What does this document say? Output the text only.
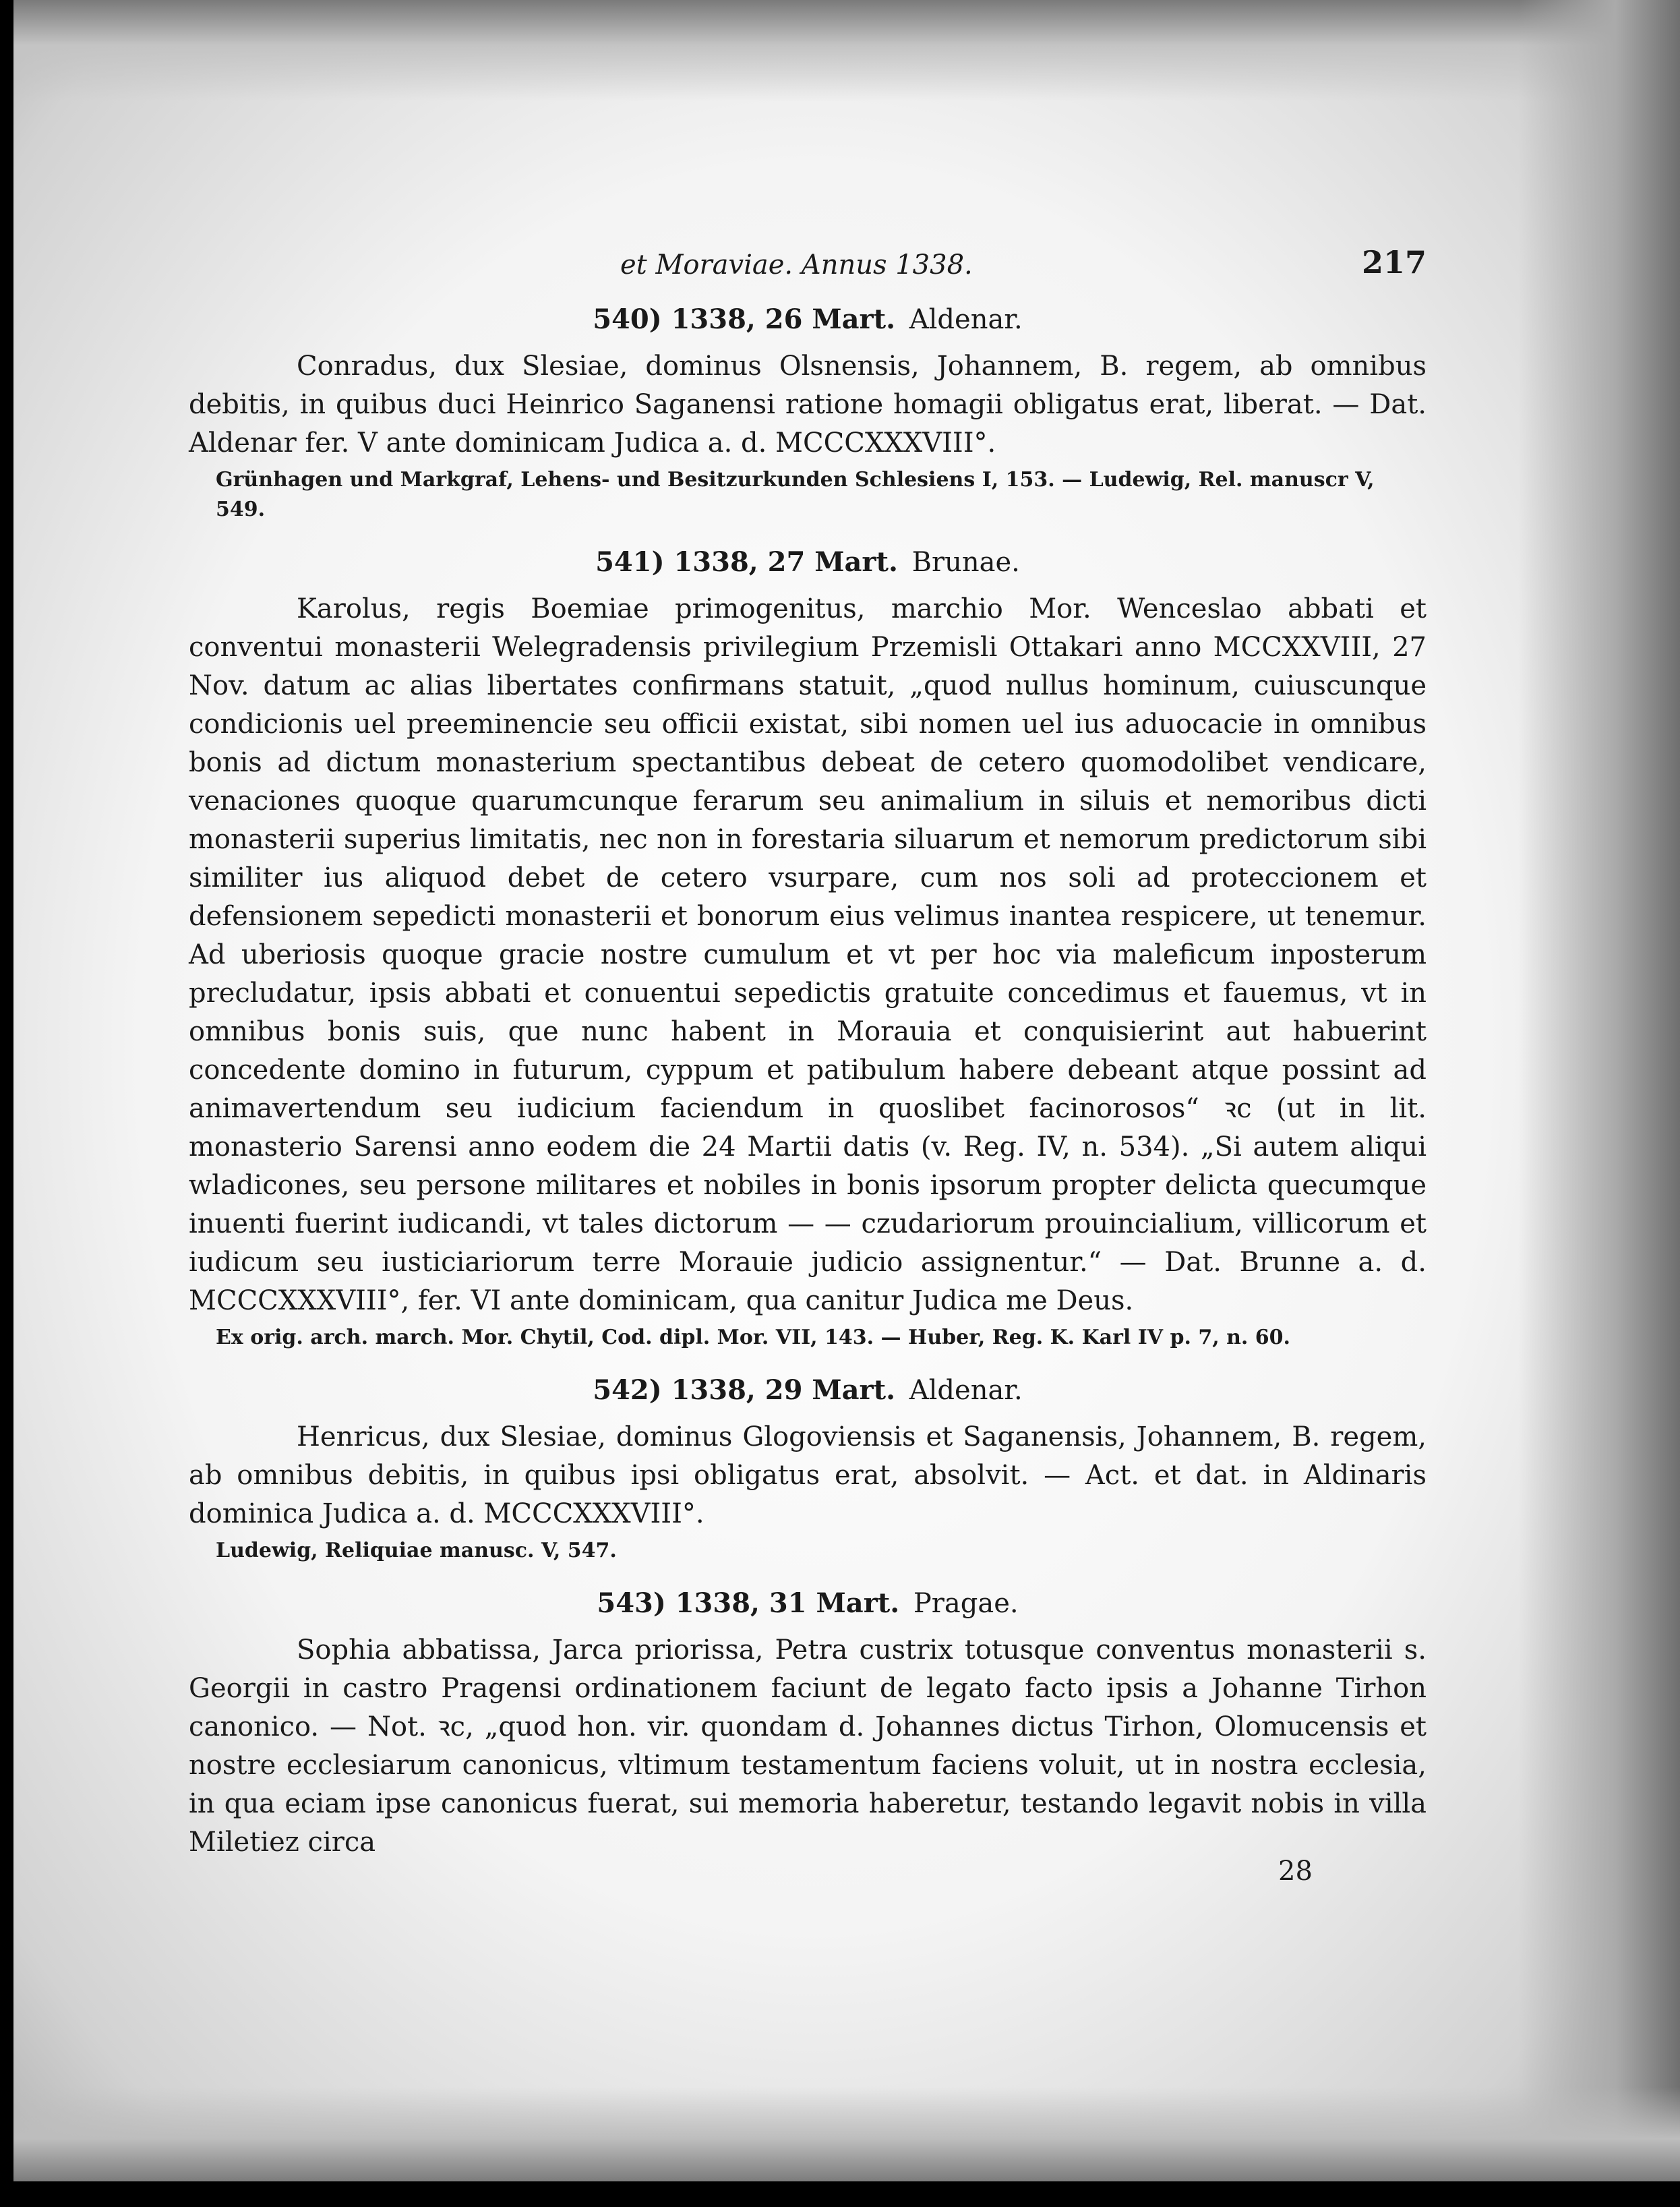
et Moraviae. Annus 1338.	217
540) 1338, 26 Mart. Aldenar.

Conradus, dux Slesiae, dominus Olsnensis, Johannem, B. regem, ab omnibus debitis, in quibus duci Heinrico Saganensi ratione homagii obligatus erat, liberat. — Dat. Aldenar fer. V ante dominicam Judica a. d. MCCCXXXVIII°.

Grünhagen und Markgraf, Lehens- und Besitzurkunden Schlesiens I, 153. — Ludewig, Rel. manuscr V, 549.
541) 1338, 27 Mart. Brunae.

Karolus, regis Boemiae primogenitus, marchio Mor. Wenceslao abbati et conventui monasterii Welegradensis privilegium Przemisli Ottakari anno MCCXXVIII, 27 Nov. datum ac alias libertates confirmans statuit, „quod nullus hominum, cuiuscunque condicionis uel preeminencie seu officii existat, sibi nomen uel ius aduocacie in omnibus bonis ad dictum monasterium spectantibus debeat de cetero quomodolibet vendicare, venaciones quoque quarumcunque ferarum seu animalium in siluis et nemoribus dicti monasterii superius limitatis, nec non in forestaria siluarum et nemorum predictorum sibi similiter ius aliquod debet de cetero vsurpare, cum nos soli ad proteccionem et defensionem sepedicti monasterii et bonorum eius velimus inantea respicere, ut tenemur. Ad uberiosis quoque gracie nostre cumulum et vt per hoc via maleficum inposterum precludatur, ipsis abbati et conuentui sepedictis gratuite concedimus et fauemus, vt in omnibus bonis suis, que nunc habent in Morauia et conquisierint aut habuerint concedente domino in futurum, cyppum et patibulum habere debeant atque possint ad animavertendum seu iudicium faciendum in quoslibet facinorosos“ ꝛc (ut in lit. monasterio Sarensi anno eodem die 24 Martii datis (v. Reg. IV, n. 534). „Si autem aliqui wladicones, seu persone militares et nobiles in bonis ipsorum propter delicta quecumque inuenti fuerint iudicandi, vt tales dictorum — — czudariorum prouincialium, villicorum et iudicum seu iusticiariorum terre Morauie judicio assignentur.“ — Dat. Brunne a. d. MCCCXXXVIII°, fer. VI ante dominicam, qua canitur Judica me Deus.

Ex orig. arch. march. Mor. Chytil, Cod. dipl. Mor. VII, 143. — Huber, Reg. K. Karl IV p. 7, n. 60.
542) 1338, 29 Mart. Aldenar.

Henricus, dux Slesiae, dominus Glogoviensis et Saganensis, Johannem, B. regem, ab omnibus debitis, in quibus ipsi obligatus erat, absolvit. — Act. et dat. in Aldinaris dominica Judica a. d. MCCCXXXVIII°.

Ludewig, Reliquiae manusc. V, 547.
543) 1338, 31 Mart. Pragae.

Sophia abbatissa, Jarca priorissa, Petra custrix totusque conventus monasterii s. Georgii in castro Pragensi ordinationem faciunt de legato facto ipsis a Johanne Tirhon canonico. — Not. ꝛc, „quod hon. vir. quondam d. Johannes dictus Tirhon, Olomucensis et nostre ecclesiarum canonicus, vltimum testamentum faciens voluit, ut in nostra ecclesia, in qua eciam ipse canonicus fuerat, sui memoria haberetur, testando legavit nobis in villa Miletiez circa

28
